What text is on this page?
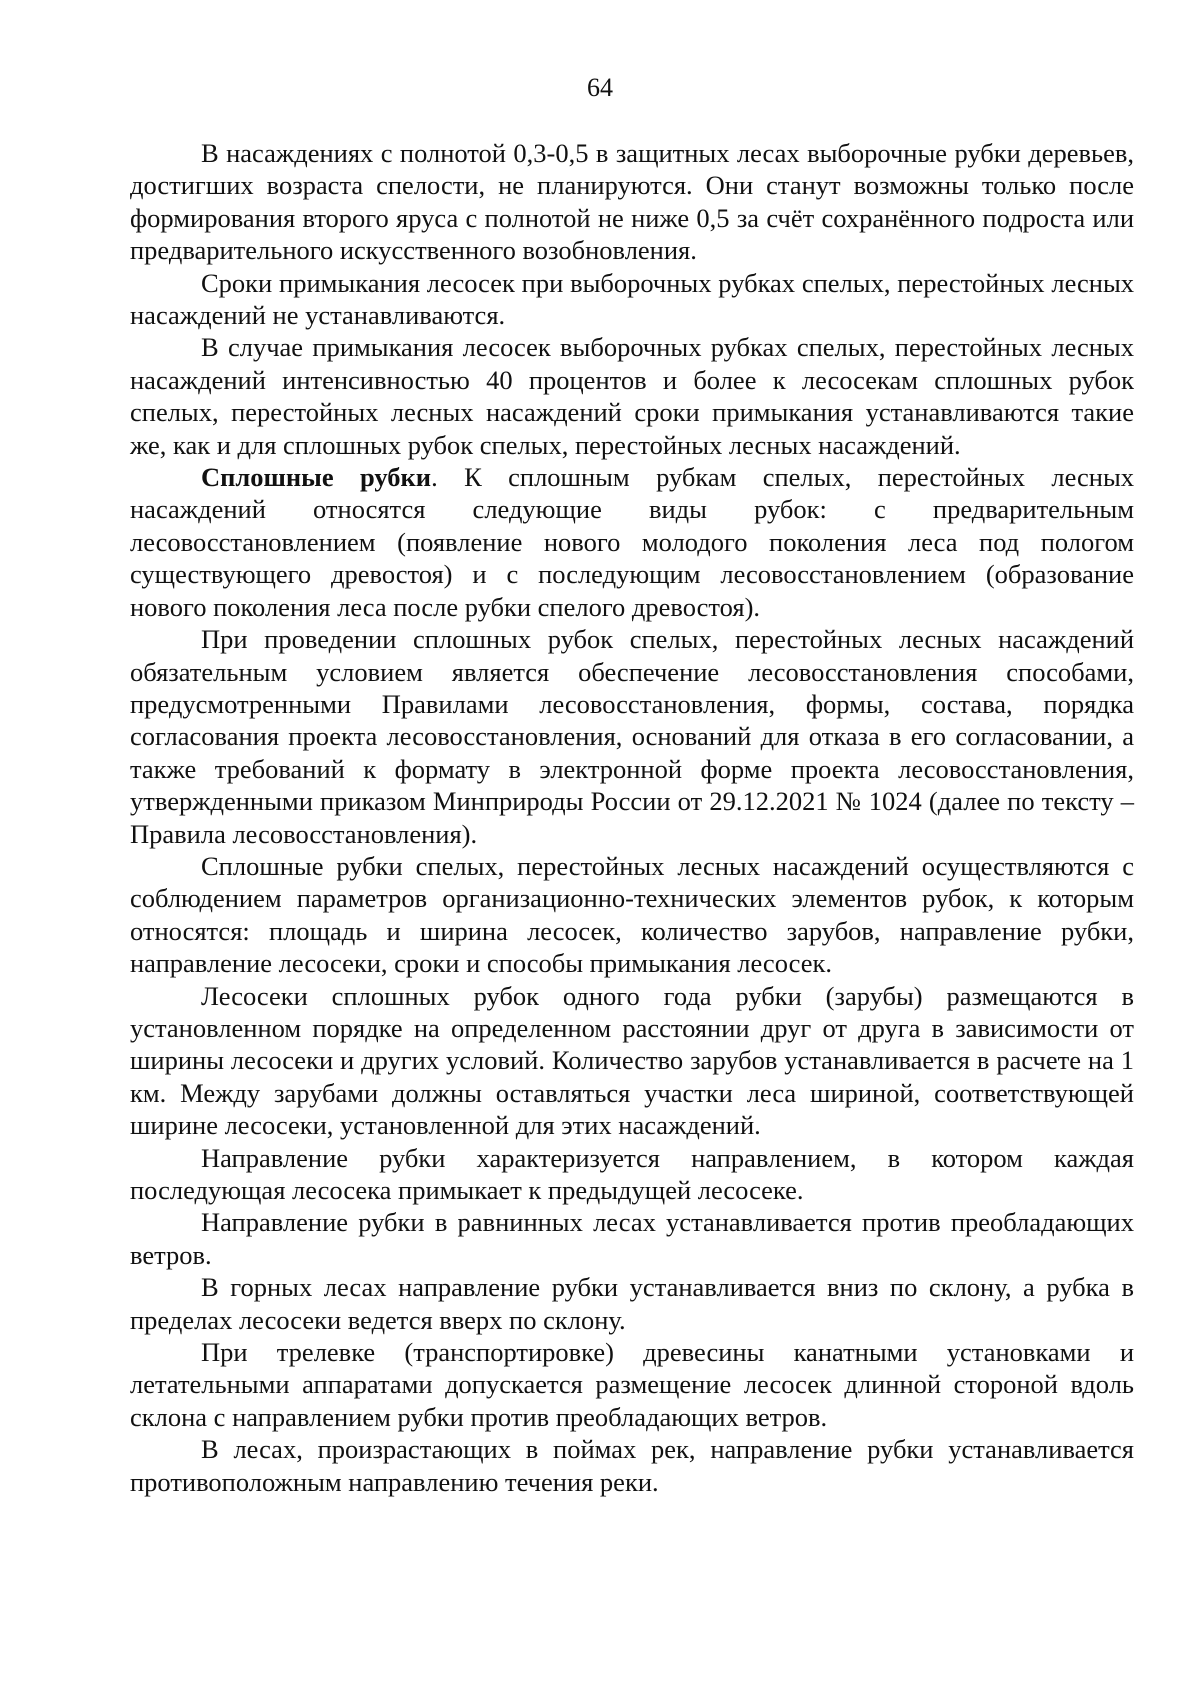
64

В насаждениях с полнотой 0,3-0,5 в защитных лесах выборочные рубки деревьев, достигших возраста спелости, не планируются. Они станут возможны только после формирования второго яруса с полнотой не ниже 0,5 за счёт сохранённого подроста или предварительного искусственного возобновления.

Сроки примыкания лесосек при выборочных рубках спелых, перестойных лесных насаждений не устанавливаются.

В случае примыкания лесосек выборочных рубках спелых, перестойных лесных насаждений интенсивностью 40 процентов и более к лесосекам сплошных рубок спелых, перестойных лесных насаждений сроки примыкания устанавливаются такие же, как и для сплошных рубок спелых, перестойных лесных насаждений.

Сплошные рубки. К сплошным рубкам спелых, перестойных лесных насаждений относятся следующие виды рубок: с предварительным лесовосстановлением (появление нового молодого поколения леса под пологом существующего древостоя) и с последующим лесовосстановлением (образование нового поколения леса после рубки спелого древостоя).

При проведении сплошных рубок спелых, перестойных лесных насаждений обязательным условием является обеспечение лесовосстановления способами, предусмотренными Правилами лесовосстановления, формы, состава, порядка согласования проекта лесовосстановления, оснований для отказа в его согласовании, а также требований к формату в электронной форме проекта лесовосстановления, утвержденными приказом Минприроды России от 29.12.2021 № 1024 (далее по тексту – Правила лесовосстановления).

Сплошные рубки спелых, перестойных лесных насаждений осуществляются с соблюдением параметров организационно-технических элементов рубок, к которым относятся: площадь и ширина лесосек, количество зарубов, направление рубки, направление лесосеки, сроки и способы примыкания лесосек.

Лесосеки сплошных рубок одного года рубки (зарубы) размещаются в установленном порядке на определенном расстоянии друг от друга в зависимости от ширины лесосеки и других условий. Количество зарубов устанавливается в расчете на 1 км. Между зарубами должны оставляться участки леса шириной, соответствующей ширине лесосеки, установленной для этих насаждений.

Направление рубки характеризуется направлением, в котором каждая последующая лесосека примыкает к предыдущей лесосеке.

Направление рубки в равнинных лесах устанавливается против преобладающих ветров.

В горных лесах направление рубки устанавливается вниз по склону, а рубка в пределах лесосеки ведется вверх по склону.

При трелевке (транспортировке) древесины канатными установками и летательными аппаратами допускается размещение лесосек длинной стороной вдоль склона с направлением рубки против преобладающих ветров.

В лесах, произрастающих в поймах рек, направление рубки устанавливается противоположным направлению течения реки.
